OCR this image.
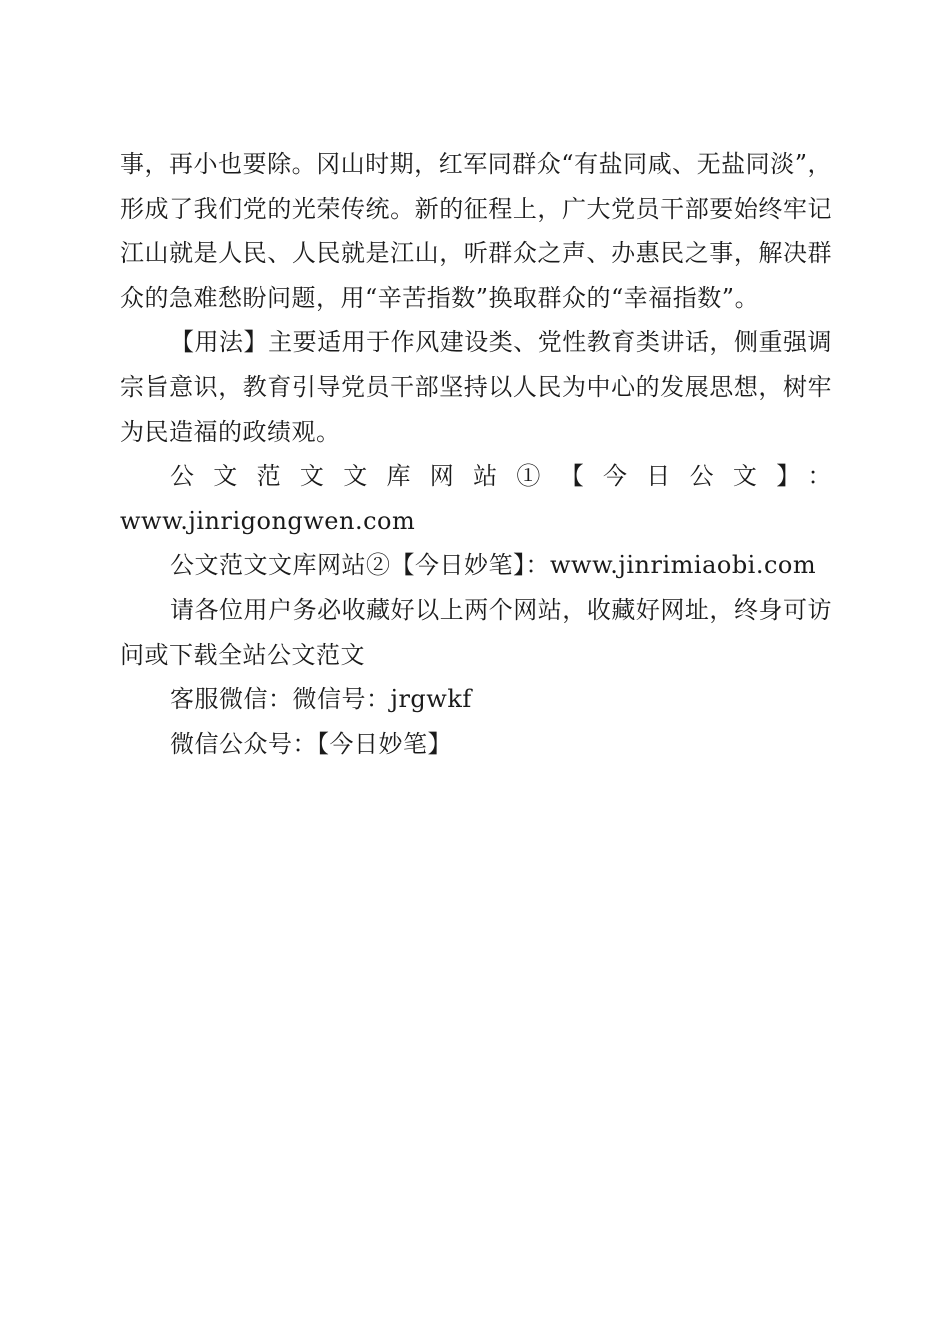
事，再小也要除。冈山时期，红军同群众“有盐同咸、无盐同淡”，形成了我们党的光荣传统。新的征程上，广大党员干部要始终牢记江山就是人民、人民就是江山，听群众之声、办惠民之事，解决群众的急难愁盼问题，用“辛苦指数”换取群众的“幸福指数”。

【用法】主要适用于作风建设类、党性教育类讲话，侧重强调宗旨意识，教育引导党员干部坚持以人民为中心的发展思想，树牢为民造福的政绩观。

公文范文文库网站①【今日公文】：

www.jinrigongwen.com

公文范文文库网站②【今日妙笔】：www.jinrimiaobi.com

请各位用户务必收藏好以上两个网站，收藏好网址，终身可访问或下载全站公文范文

客服微信：微信号：jrgwkf

微信公众号：【今日妙笔】
